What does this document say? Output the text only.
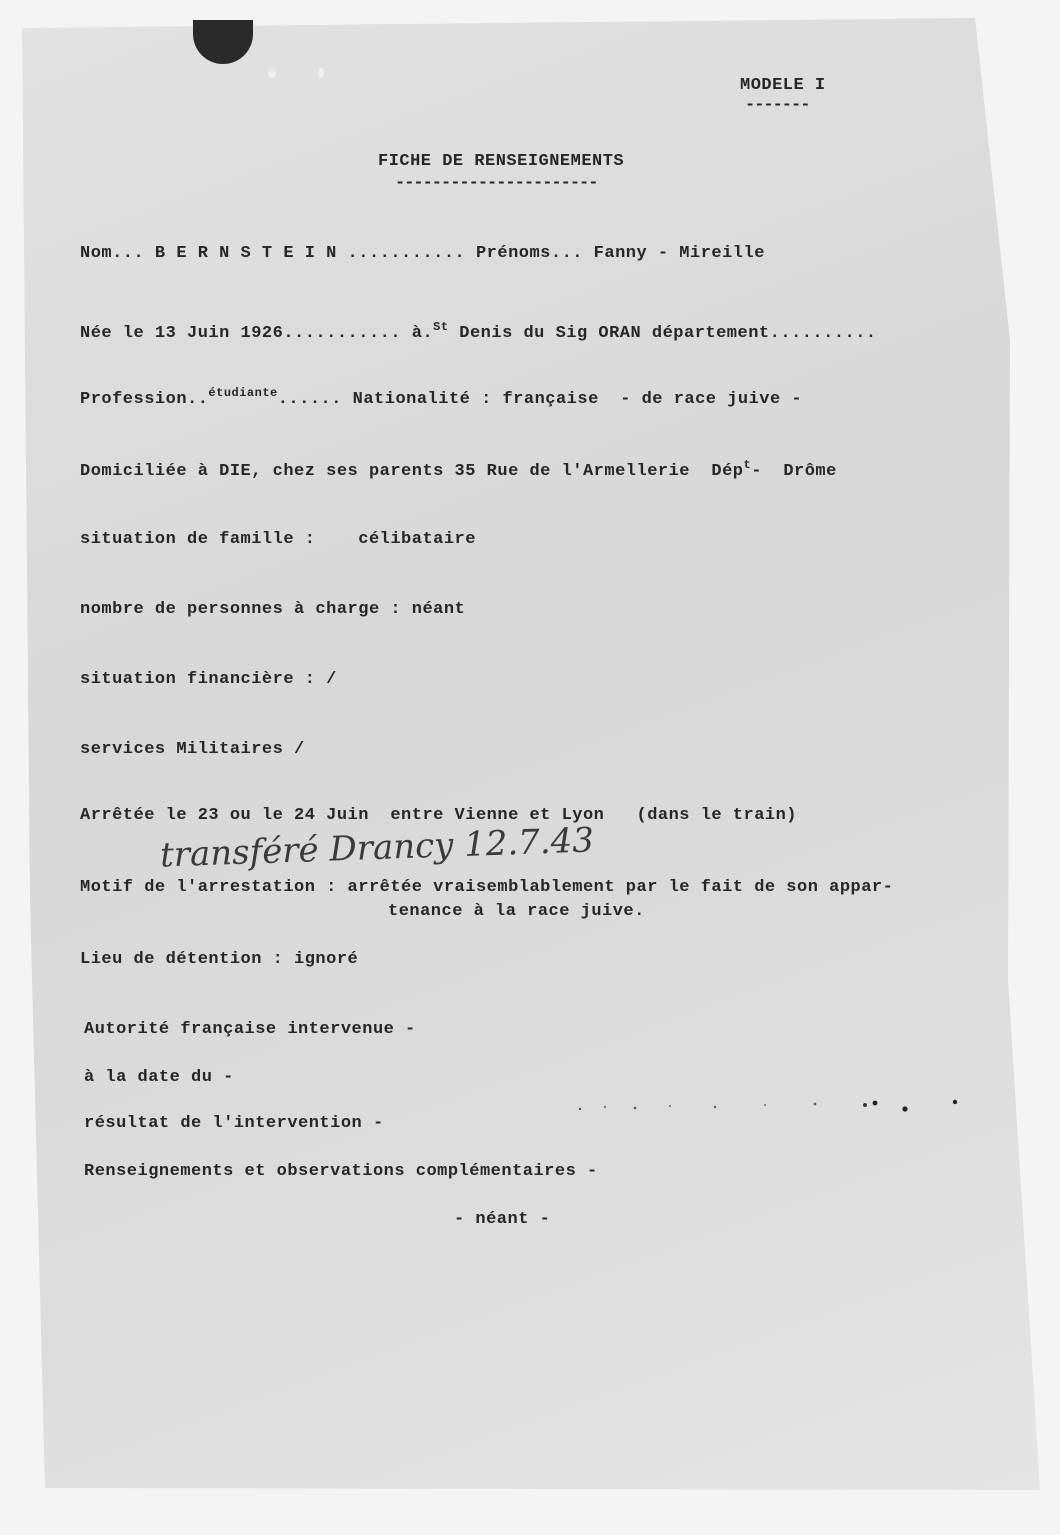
MODELE I
-------
FICHE DE RENSEIGNEMENTS
----------------------
Nom... B E R N S T E I N ........... Prénoms... Fanny - Mireille
Née le 13 Juin 1926........... à.$^{St}$ Denis du Sig ORAN département..........
Profession..$^{étudiante}$...... Nationalité : française  - de race juive -
Domiciliée à DIE, chez ses parents 35 Rue de l'Armellerie  Dép$^t$-  Drôme
situation de famille :    célibataire
nombre de personnes à charge : néant
situation financière : /
services Militaires /
Arrêtée le 23 ou le 24 Juin  entre Vienne et Lyon   (dans le train)
transféré Drancy 12.7.43
Motif de l'arrestation : arrêtée vraisemblablement par le fait de son appar-
tenance à la race juive.
Lieu de détention : ignoré
Autorité française intervenue -
à la date du -
résultat de l'intervention -
Renseignements et observations complémentaires -
- néant -
